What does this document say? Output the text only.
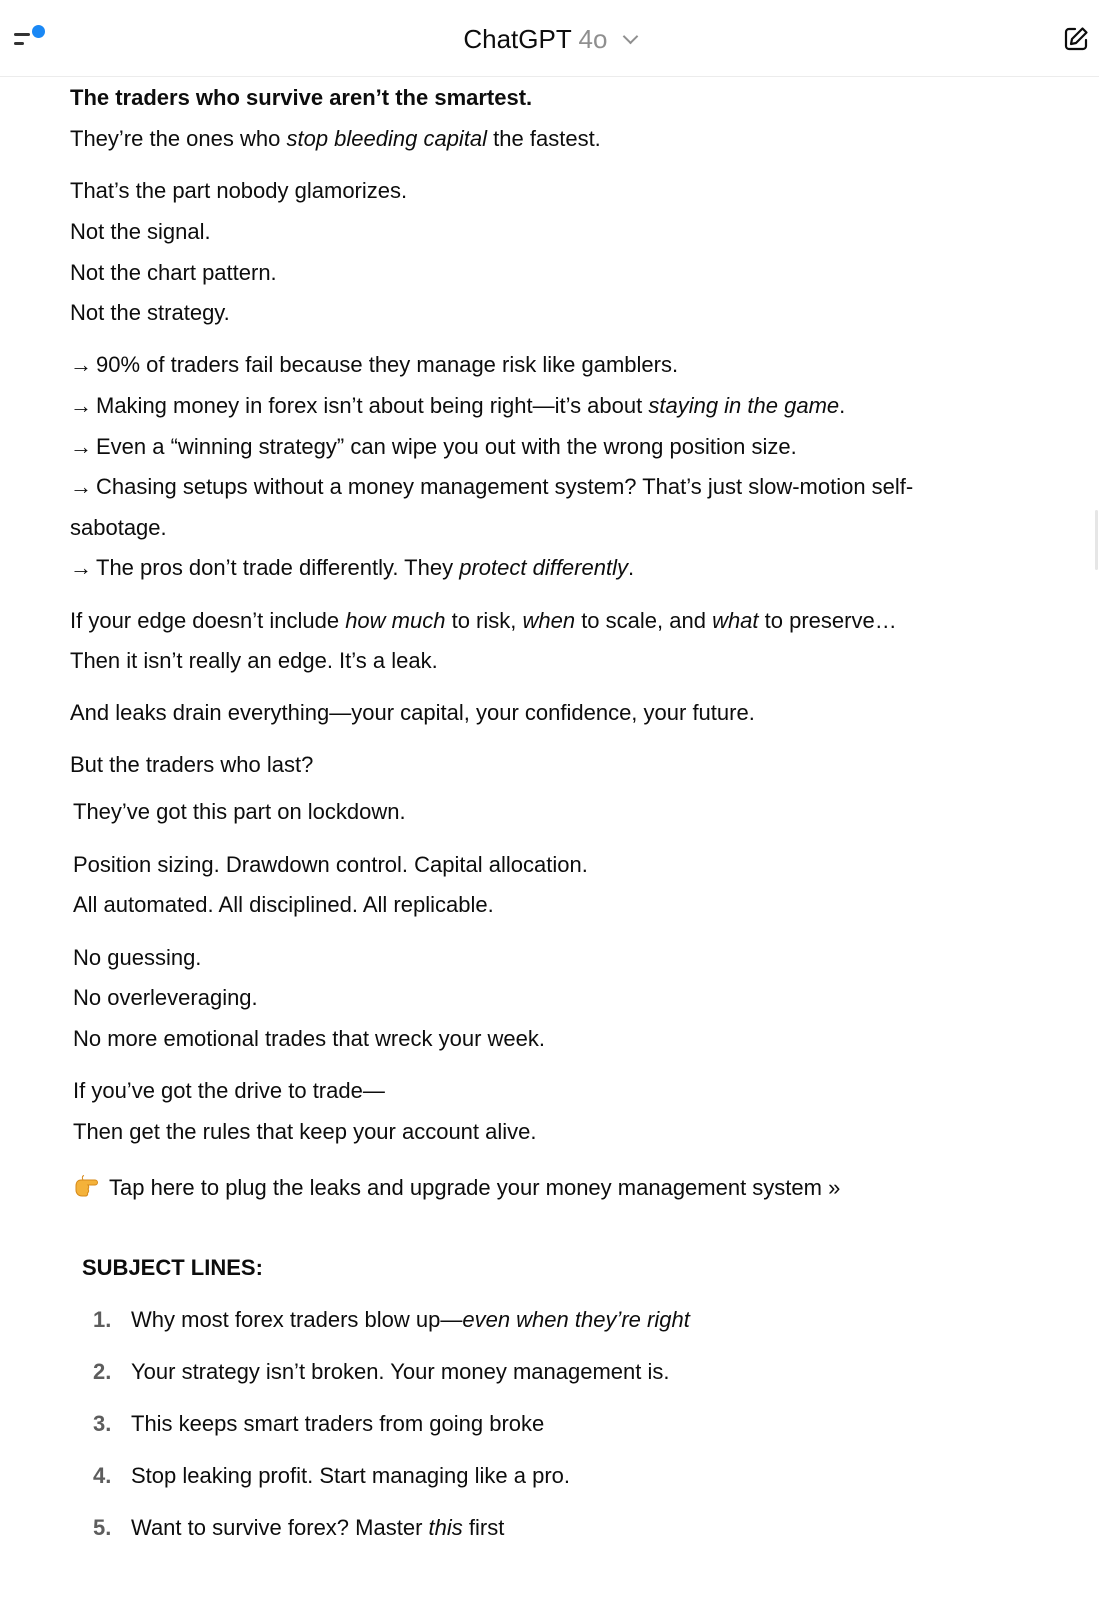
ChatGPT 4o
The traders who survive aren’t the smartest.
They’re the ones who stop bleeding capital the fastest.
That’s the part nobody glamorizes.
Not the signal.
Not the chart pattern.
Not the strategy.
→ 90% of traders fail because they manage risk like gamblers.
→ Making money in forex isn’t about being right—it’s about staying in the game.
→ Even a “winning strategy” can wipe you out with the wrong position size.
→ Chasing setups without a money management system? That’s just slow-motion self-
sabotage.
→ The pros don’t trade differently. They protect differently.
If your edge doesn’t include how much to risk, when to scale, and what to preserve…
Then it isn’t really an edge. It’s a leak.
And leaks drain everything—your capital, your confidence, your future.
But the traders who last?
They’ve got this part on lockdown.
Position sizing. Drawdown control. Capital allocation.
All automated. All disciplined. All replicable.
No guessing.
No overleveraging.
No more emotional trades that wreck your week.
If you’ve got the drive to trade—
Then get the rules that keep your account alive.
Tap here to plug the leaks and upgrade your money management system »
SUBJECT LINES:
1. Why most forex traders blow up—even when they’re right
2. Your strategy isn’t broken. Your money management is.
3. This keeps smart traders from going broke
4. Stop leaking profit. Start managing like a pro.
5. Want to survive forex? Master this first
